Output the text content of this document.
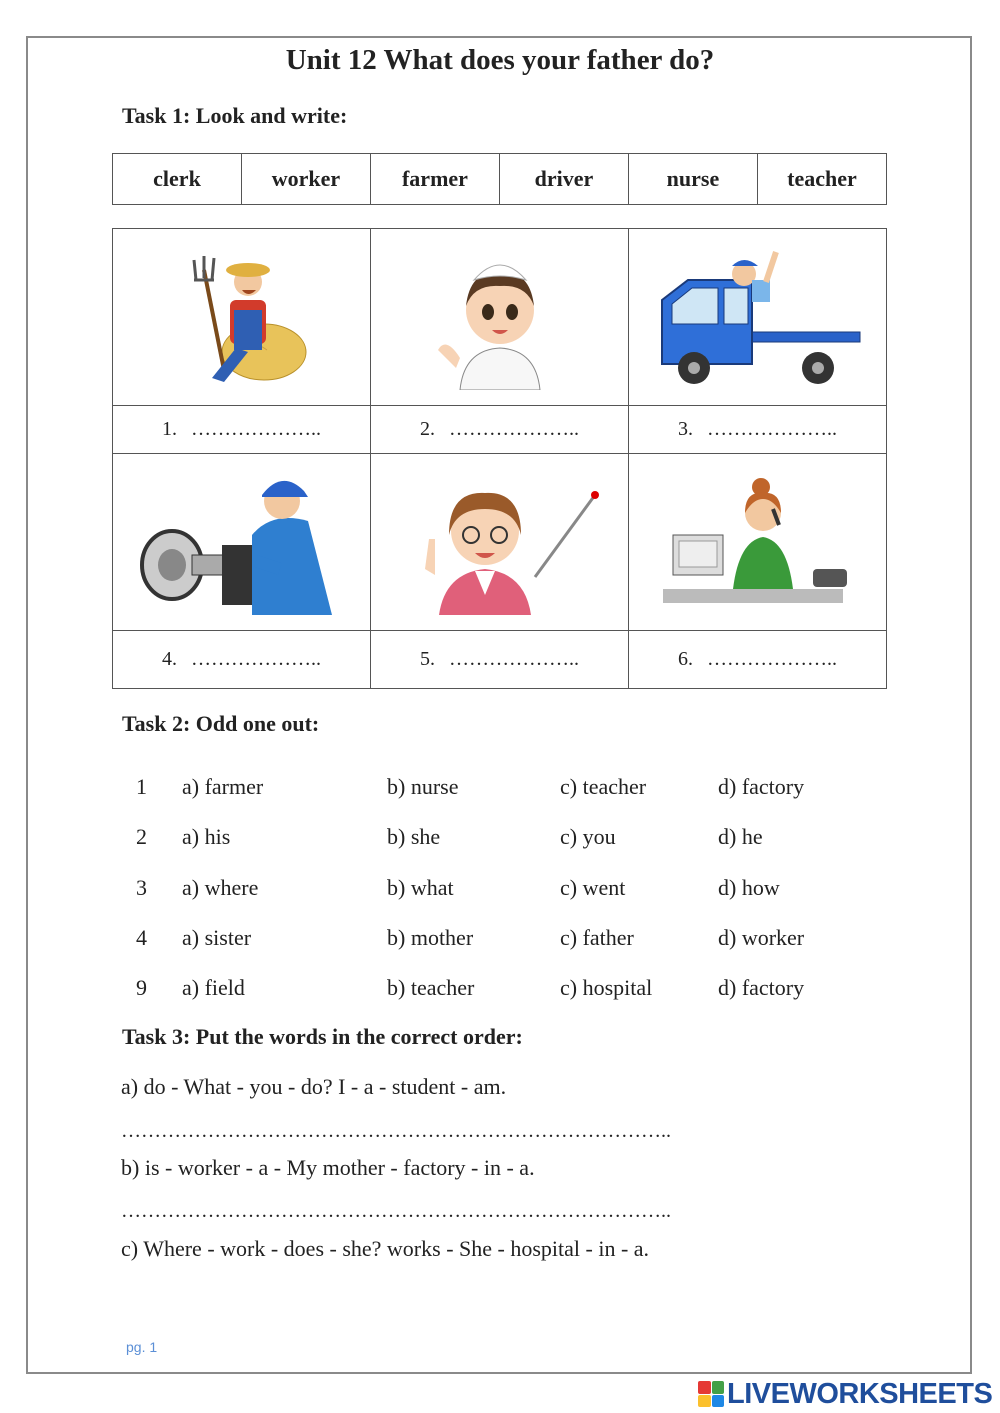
Unit 12 What does your father do?
Task 1: Look and write:
clerk	worker	farmer	driver	nurse	teacher

1. ………………..	2. ………………..	3. ………………..

4. ………………..	5. ………………..	6. ………………..
Task 2: Odd one out:
1 a) farmer	b) nurse	c) teacher	d) factory
2 a) his	b) she	c) you	d) he
3 a) where	b) what	c) went	d) how
4 a) sister	b) mother	c) father	d) worker
9 a) field	b) teacher	c) hospital	d) factory
Task 3: Put the words in the correct order:
a) do - What - you - do? I - a - student - am.
………………………………………………………………………..
b) is - worker - a - My mother - factory - in - a.
………………………………………………………………………..
c) Where - work - does - she? works - She - hospital - in - a.
pg. 1
LIVEWORKSHEETS
